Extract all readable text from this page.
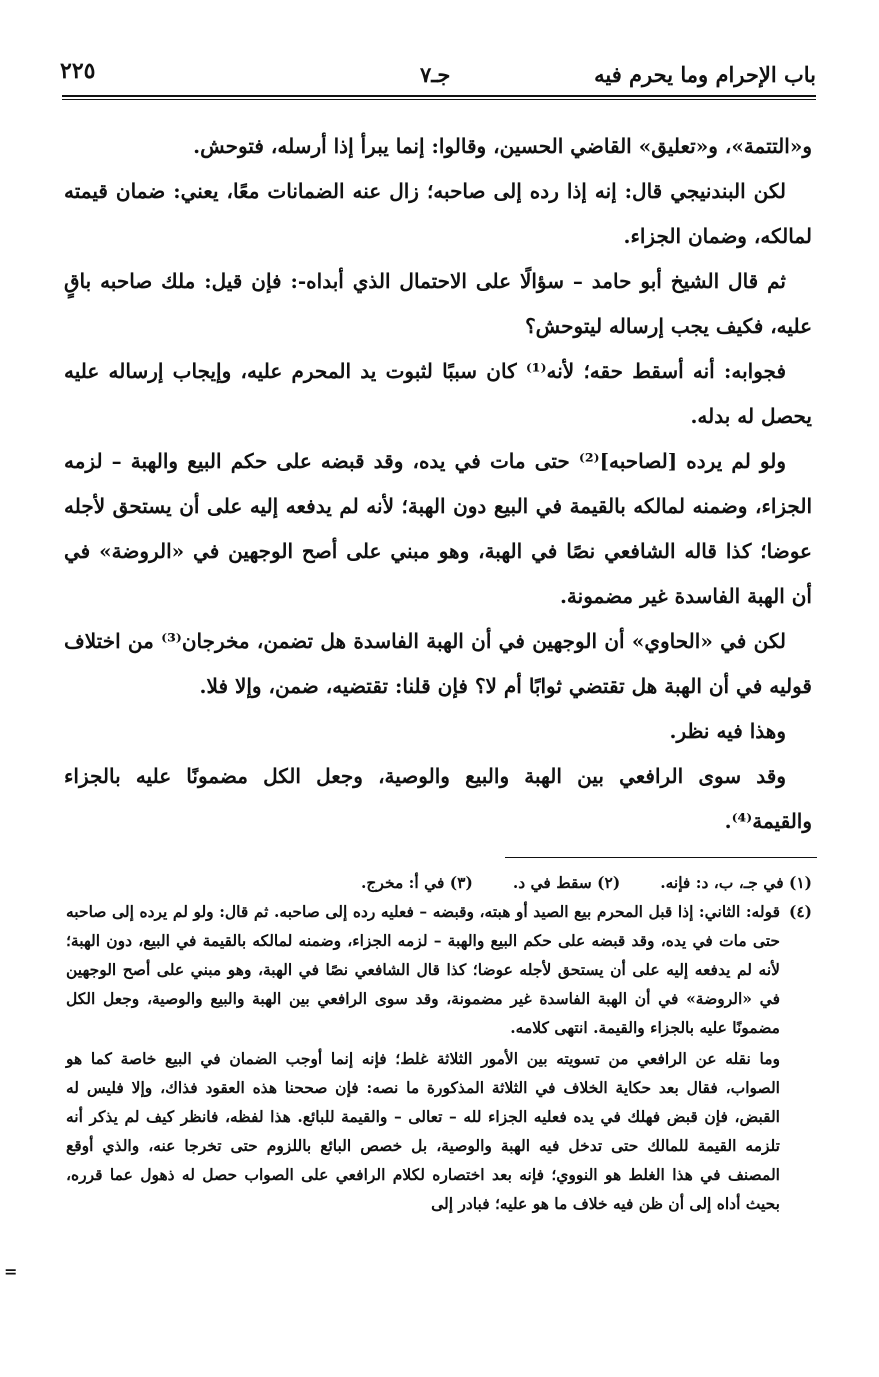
باب الإحرام وما يحرم فيه
جـ٧
٢٢٥

و«التتمة»، و«تعليق» القاضي الحسين، وقالوا: إنما يبرأ إذا أرسله، فتوحش.

لكن البندنيجي قال: إنه إذا رده إلى صاحبه؛ زال عنه الضمانات معًا، يعني: ضمان قيمته لمالكه، وضمان الجزاء.

ثم قال الشيخ أبو حامد – سؤالًا على الاحتمال الذي أبداه-: فإن قيل: ملك صاحبه باقٍ عليه، فكيف يجب إرساله ليتوحش؟

فجوابه: أنه أسقط حقه؛ لأنه⁽¹⁾ كان سببًا لثبوت يد المحرم عليه، وإيجاب إرساله عليه يحصل له بدله.

ولو لم يرده [لصاحبه]⁽²⁾ حتى مات في يده، وقد قبضه على حكم البيع والهبة – لزمه الجزاء، وضمنه لمالكه بالقيمة في البيع دون الهبة؛ لأنه لم يدفعه إليه على أن يستحق لأجله عوضا؛ كذا قاله الشافعي نصًا في الهبة، وهو مبني على أصح الوجهين في «الروضة» في أن الهبة الفاسدة غير مضمونة.

لكن في «الحاوي» أن الوجهين في أن الهبة الفاسدة هل تضمن، مخرجان⁽³⁾ من اختلاف قوليه في أن الهبة هل تقتضي ثوابًا أم لا؟ فإن قلنا: تقتضيه، ضمن، وإلا فلا.

وهذا فيه نظر.

وقد سوى الرافعي بين الهبة والبيع والوصية، وجعل الكل مضمونًا عليه بالجزاء والقيمة⁽⁴⁾.

(١) في جـ، ب، د: فإنه.
(٢) سقط في د.
(٣) في أ: مخرج.
(٤)

قوله: الثاني: إذا قبل المحرم بيع الصيد أو هبته، وقبضه – فعليه رده إلى صاحبه. ثم قال: ولو لم يرده إلى صاحبه حتى مات في يده، وقد قبضه على حكم البيع والهبة – لزمه الجزاء، وضمنه لمالكه بالقيمة في البيع، دون الهبة؛ لأنه لم يدفعه إليه على أن يستحق لأجله عوضا؛ كذا قال الشافعي نصًا في الهبة، وهو مبني على أصح الوجهين في «الروضة» في أن الهبة الفاسدة غير مضمونة، وقد سوى الرافعي بين الهبة والبيع والوصية، وجعل الكل مضمونًا عليه بالجزاء والقيمة. انتهى كلامه.

وما نقله عن الرافعي من تسويته بين الأمور الثلاثة غلط؛ فإنه إنما أوجب الضمان في البيع خاصة كما هو الصواب، فقال بعد حكاية الخلاف في الثلاثة المذكورة ما نصه: فإن صححنا هذه العقود فذاك، وإلا فليس له القبض، فإن قبض فهلك في يده فعليه الجزاء لله – تعالى – والقيمة للبائع. هذا لفظه، فانظر كيف لم يذكر أنه تلزمه القيمة للمالك حتى تدخل فيه الهبة والوصية، بل خصص البائع باللزوم حتى تخرجا عنه، والذي أوقع المصنف في هذا الغلط هو النووي؛ فإنه بعد اختصاره لكلام الرافعي على الصواب حصل له ذهول عما قرره، بحيث أداه إلى أن ظن فيه خلاف ما هو عليه؛ فبادر إلى

=
